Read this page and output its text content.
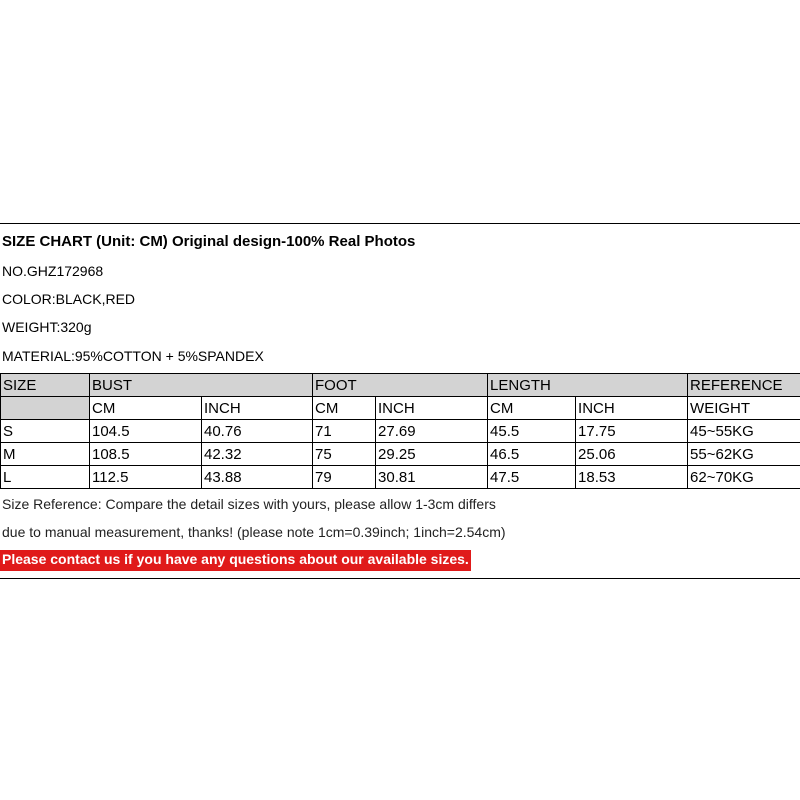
SIZE CHART (Unit: CM) Original design-100% Real Photos
NO.GHZ172968
COLOR:BLACK,RED
WEIGHT:320g
MATERIAL:95%COTTON + 5%SPANDEX
SIZE	BUST		FOOT		LENGTH		REFERENCE
	CM	INCH	CM	INCH	CM	INCH	WEIGHT
S	104.5	40.76	71	27.69	45.5	17.75	45~55KG
M	108.5	42.32	75	29.25	46.5	25.06	55~62KG
L	112.5	43.88	79	30.81	47.5	18.53	62~70KG
Size Reference: Compare the detail sizes with yours, please allow 1-3cm differs
due to manual measurement, thanks! (please note 1cm=0.39inch; 1inch=2.54cm)
Please contact us if you have any questions about our available sizes.
